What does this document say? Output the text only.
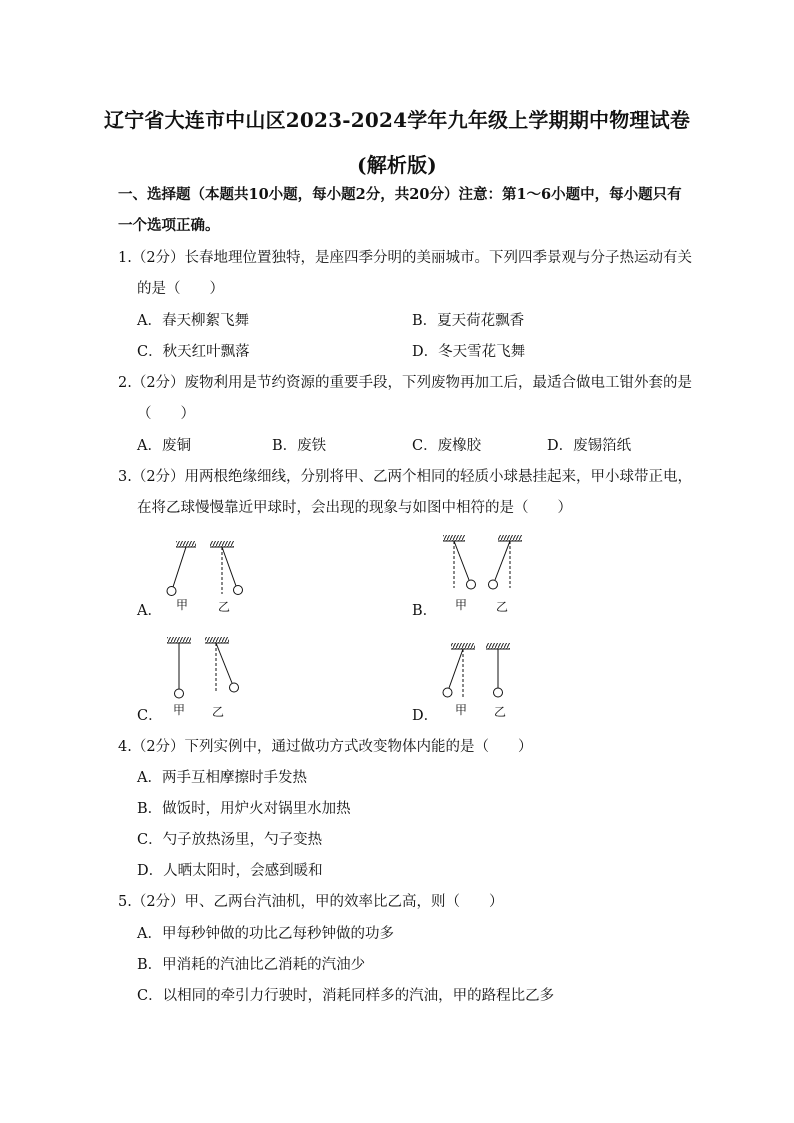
辽宁省大连市中山区2023-2024学年九年级上学期期中物理试卷
(解析版)
一、选择题（本题共10小题，每小题2分，共20分）注意：第1～6小题中，每小题只有
一个选项正确。
1.（2分）长春地理位置独特，是座四季分明的美丽城市。下列四季景观与分子热运动有关
的是（　　）
A．春天柳絮飞舞	B．夏天荷花飘香
C．秋天红叶飘落	D．冬天雪花飞舞
2.（2分）废物利用是节约资源的重要手段，下列废物再加工后，最适合做电工钳外套的是
（　　）
A．废铜	B．废铁	C．废橡胶	D．废锡箔纸
3.（2分）用两根绝缘细线，分别将甲、乙两个相同的轻质小球悬挂起来，甲小球带正电，
在将乙球慢慢靠近甲球时，会出现的现象与如图中相符的是（　　）
A．	B．
C．	D．
甲 乙	甲 乙
甲 乙	甲 乙
4.（2分）下列实例中，通过做功方式改变物体内能的是（　　）
A．两手互相摩擦时手发热
B．做饭时，用炉火对锅里水加热
C．勺子放热汤里，勺子变热
D．人晒太阳时，会感到暖和
5.（2分）甲、乙两台汽油机，甲的效率比乙高，则（　　）
A．甲每秒钟做的功比乙每秒钟做的功多
B．甲消耗的汽油比乙消耗的汽油少
C．以相同的牵引力行驶时，消耗同样多的汽油，甲的路程比乙多
